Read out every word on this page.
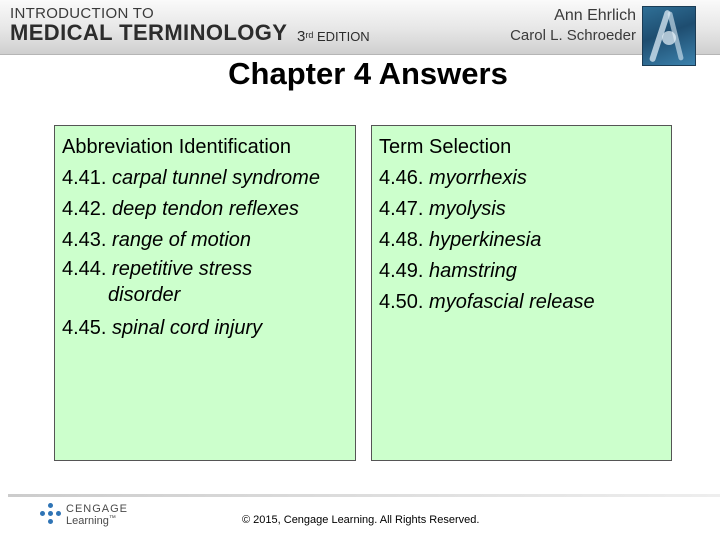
INTRODUCTION TO
MEDICAL TERMINOLOGY 3rd EDITION
Ann Ehrlich
Carol L. Schroeder
Chapter 4 Answers
Abbreviation Identification
4.41. carpal tunnel syndrome
4.42. deep tendon reflexes
4.43. range of motion
4.44. repetitive stress
disorder
4.45. spinal cord injury
Term Selection
4.46. myorrhexis
4.47. myolysis
4.48. hyperkinesia
4.49. hamstring
4.50. myofascial release
CENGAGE
Learning™	© 2015, Cengage Learning. All Rights Reserved.
